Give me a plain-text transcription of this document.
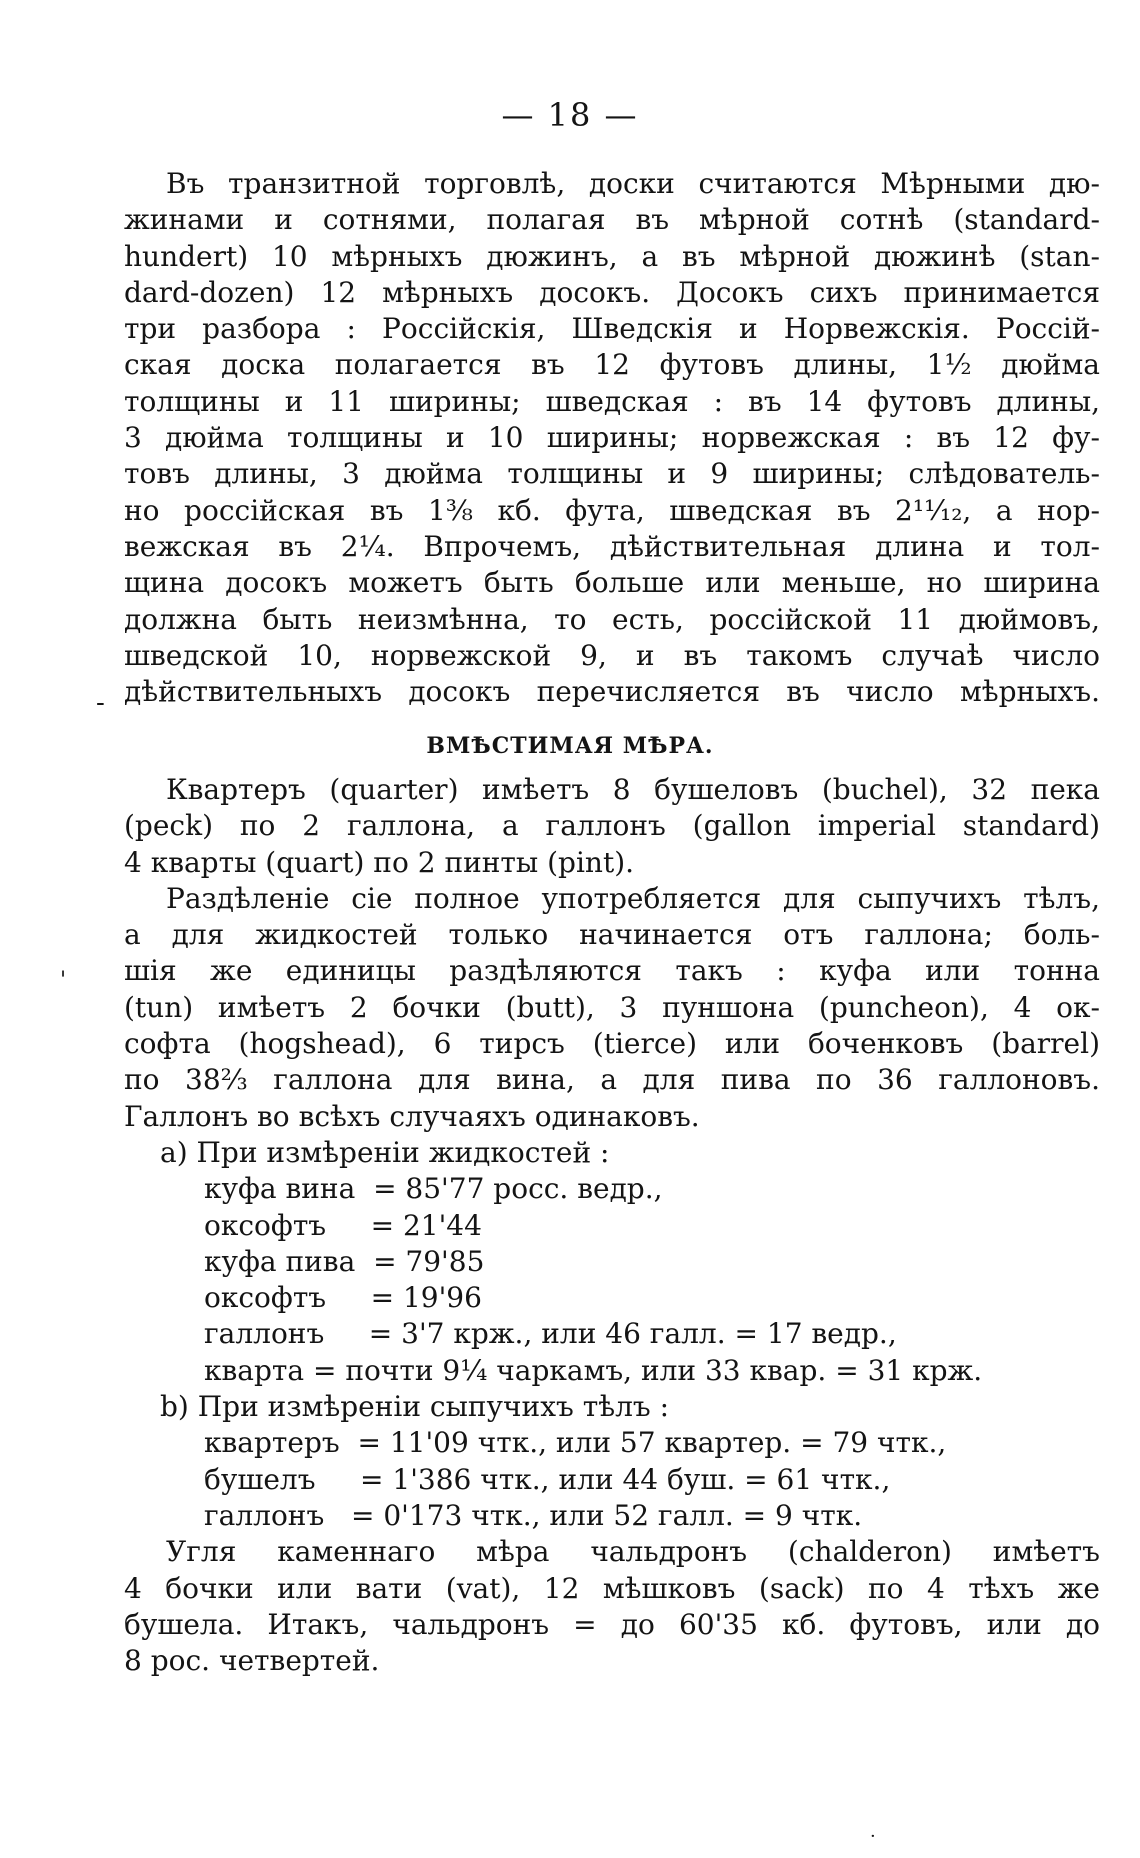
— 18 —
Въ транзитной торговлѣ, доски считаются Мѣрными дю-
жинами и сотнями, полагая въ мѣрной сотнѣ (standard-
hundert) 10 мѣрныхъ дюжинъ, а въ мѣрной дюжинѣ (stan-
dard-dozen) 12 мѣрныхъ досокъ. Досокъ сихъ принимается
три разбора : Россійскія, Шведскія и Норвежскія. Россій-
ская доска полагается въ 12 футовъ длины, 1½ дюйма
толщины и 11 ширины; шведская : въ 14 футовъ длины,
3 дюйма толщины и 10 ширины; норвежская : въ 12 фу-
товъ длины, 3 дюйма толщины и 9 ширины; слѣдователь-
но россійская въ 1⅜ кб. фута, шведская въ 2¹¹⁄₁₂, а нор-
вежская въ 2¼. Впрочемъ, дѣйствительная длина и тол-
щина досокъ можетъ быть больше или меньше, но ширина
должна быть неизмѣнна, то есть, россійской 11 дюймовъ,
шведской 10, норвежской 9, и въ такомъ случаѣ число
дѣйствительныхъ досокъ перечисляется въ число мѣрныхъ.
-
ВМѢСТИМАЯ МѢРА.
Квартеръ (quarter) имѣетъ 8 бушеловъ (buchel), 32 пека
(peck) по 2 галлона, а галлонъ (gallon imperial standard)
4 кварты (quart) по 2 пинты (pint).
Раздѣленіе сіе полное употребляется для сыпучихъ тѣлъ,
а для жидкостей только начинается отъ галлона; боль-
шія же единицы раздѣляются такъ : куфа или тонна
(tun) имѣетъ 2 бочки (butt), 3 пуншона (puncheon), 4 ок-
софта (hogshead), 6 тирсъ (tierce) или боченковъ (barrel)
по 38⅔ галлона для вина, а для пива по 36 галлоновъ.
Галлонъ во всѣхъ случаяхъ одинаковъ.
а) При измѣреніи жидкостей :
куфа вина  = 85'77 росс. ведр.,
оксофтъ     = 21'44
куфа пива  = 79'85
оксофтъ     = 19'96
галлонъ     = 3'7 крж., или 46 галл. = 17 ведр.,
кварта = почти 9¼ чаркамъ, или 33 квар. = 31 крж.
b) При измѣреніи сыпучихъ тѣлъ :
квартеръ  = 11'09 чтк., или 57 квартер. = 79 чтк.,
бушелъ     = 1'386 чтк., или 44 буш. = 61 чтк.,
галлонъ   = 0'173 чтк., или 52 галл. = 9 чтк.
Угля каменнаго мѣра чальдронъ (chalderon) имѣетъ
4 бочки или вати (vat), 12 мѣшковъ (sack) по 4 тѣхъ же
бушела. Итакъ, чальдронъ = до 60'35 кб. футовъ, или до
8 рос. четвертей.
'
·
